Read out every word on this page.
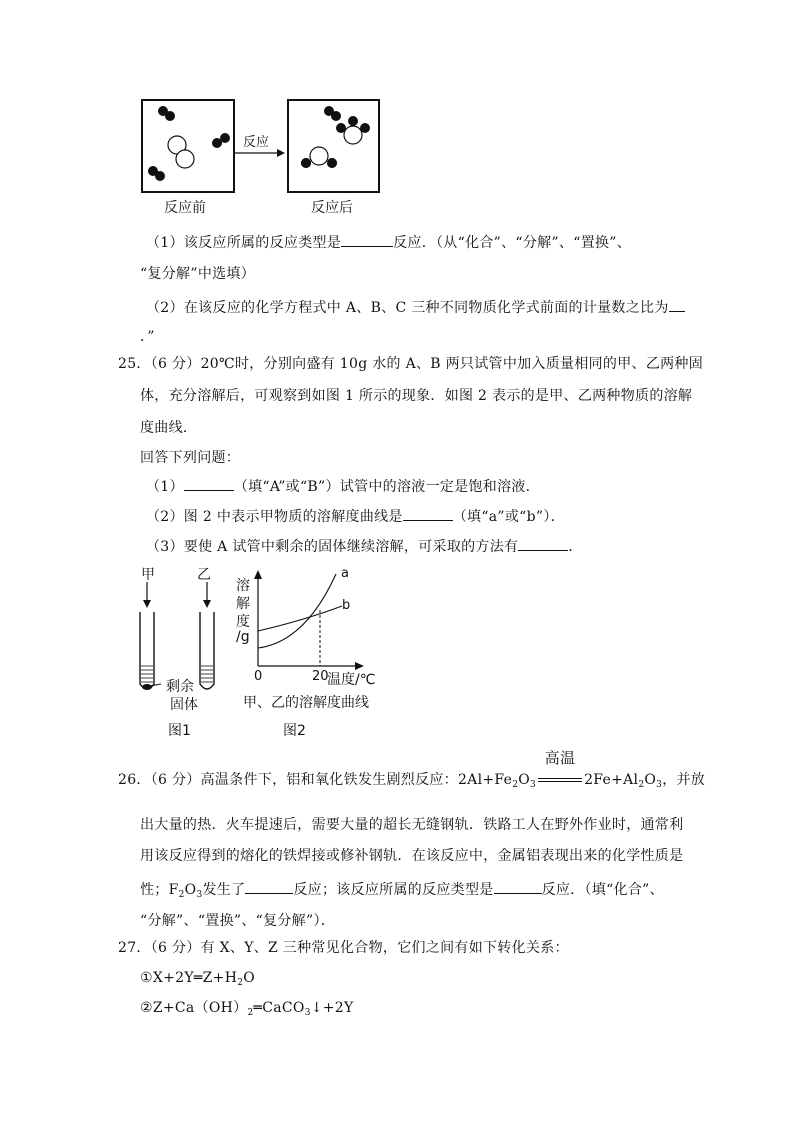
反应
反应前	反应后
（1）该反应所属的反应类型是	反应．（从“化合”、“分解”、“置换”、
“复分解”中选填）
（2）在该反应的化学方程式中 A、B、C 三种不同物质化学式前面的计量数之比为
．”
25．（6 分）20℃时，分别向盛有 10g 水的 A、B 两只试管中加入质量相同的甲、乙两种固
体，充分溶解后，可观察到如图 1 所示的现象．如图 2 表示的是甲、乙两种物质的溶解
度曲线．
回答下列问题：
（1）	（填“A”或“B”）试管中的溶液一定是饱和溶液．
（2）图 2 中表示甲物质的溶解度曲线是	（填“a”或“b”）．
（3）要使 A 试管中剩余的固体继续溶解，可采取的方法有	．
甲	乙
剩余
固体
图1
溶
解
度
/g
a
b
0	20
温度/℃
甲、乙的溶解度曲线
图2
26．（6 分）高温条件下，铝和氧化铁发生剧烈反应：$2Al+Fe_2O_3$
高温
$2Fe+Al_2O_3$，并放
出大量的热．火车提速后，需要大量的超长无缝钢轨．铁路工人在野外作业时，通常利
用该反应得到的熔化的铁焊接或修补钢轨．在该反应中，金属铝表现出来的化学性质是
性；$F_2O_3$发生了	反应；该反应所属的反应类型是	反应．（填“化合”、
“分解”、“置换”、“复分解”）．
27．（6 分）有 X、Y、Z 三种常见化合物，它们之间有如下转化关系：
$①X+2Y═Z+H_2O$
$②Z+Ca(OH)_2═CaCO_3↓+2Y$
